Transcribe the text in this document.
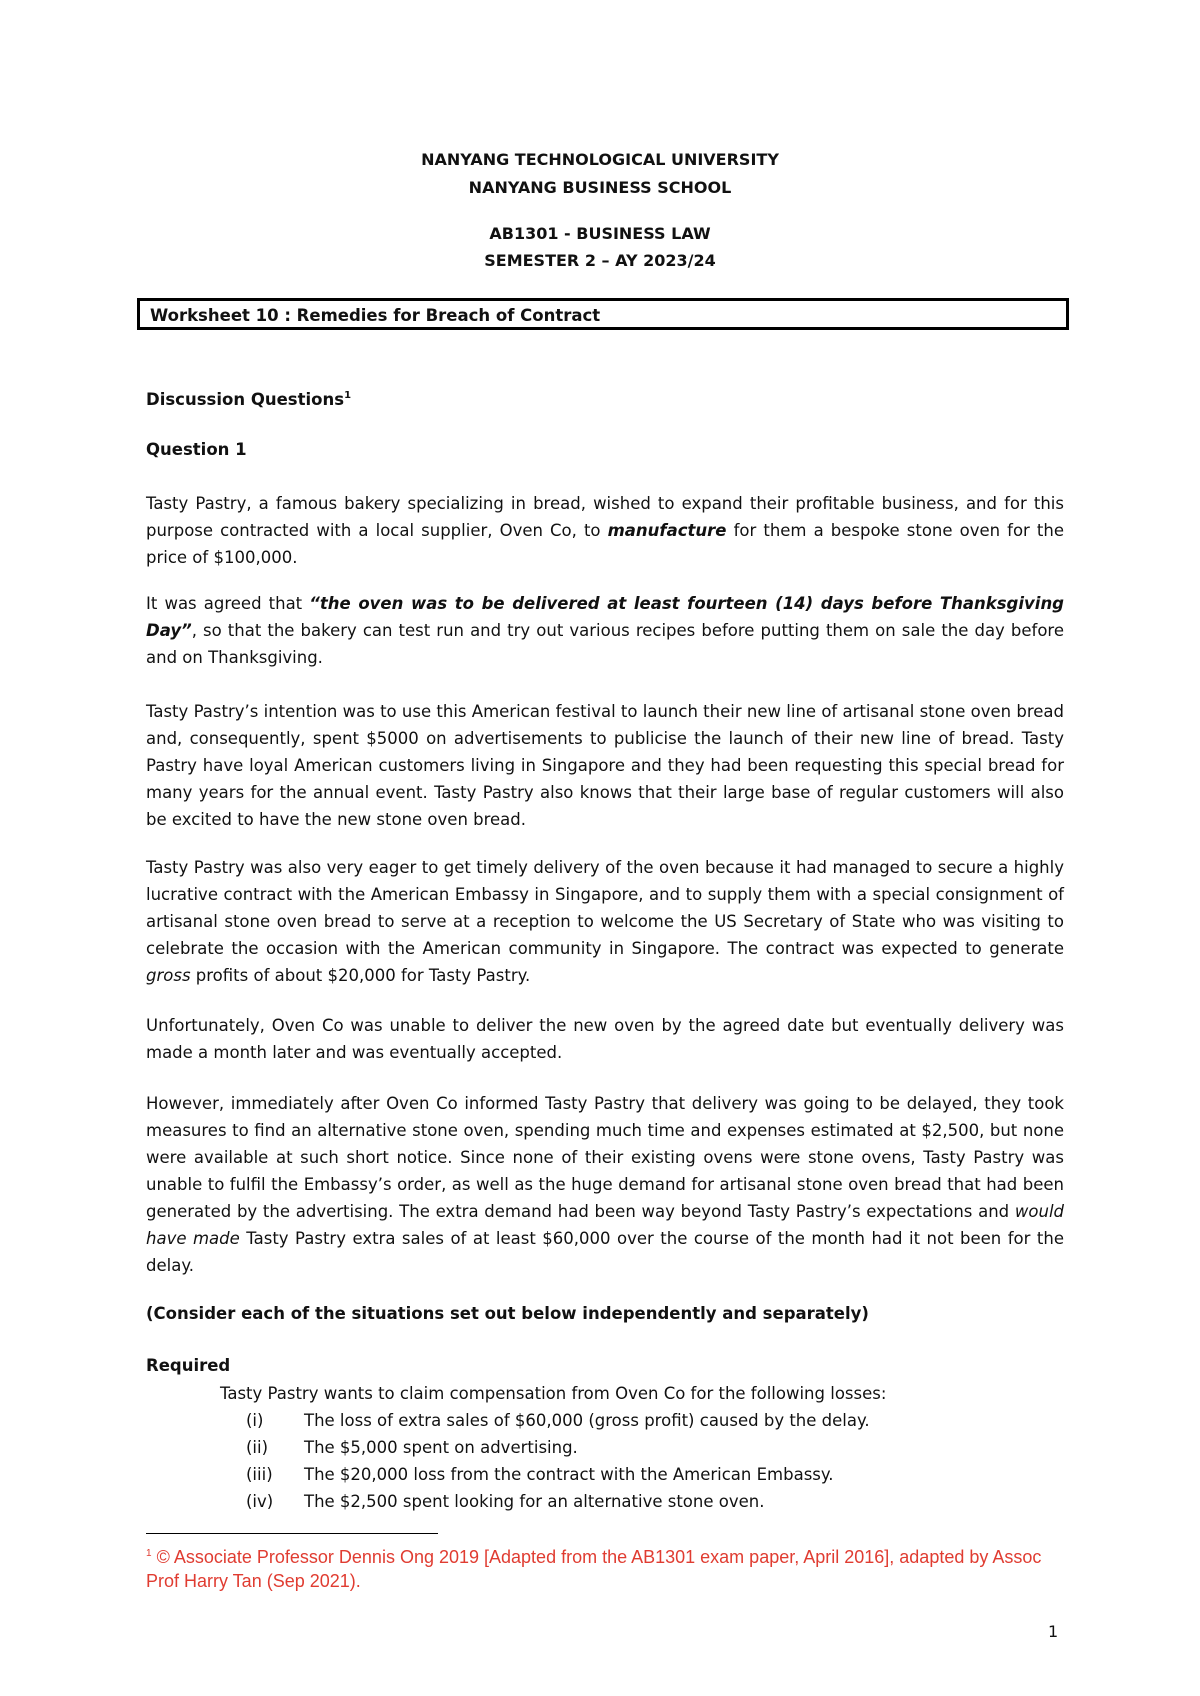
NANYANG TECHNOLOGICAL UNIVERSITY
NANYANG BUSINESS SCHOOL
AB1301 - BUSINESS LAW
SEMESTER 2 – AY 2023/24
Worksheet 10 : Remedies for Breach of Contract
Discussion Questions$^1$
Question 1
Tasty Pastry, a famous bakery specializing in bread, wished to expand their profitable business, and for this purpose contracted with a local supplier, Oven Co, to manufacture for them a bespoke stone oven for the price of $100,000.
It was agreed that “the oven was to be delivered at least fourteen (14) days before Thanksgiving Day”, so that the bakery can test run and try out various recipes before putting them on sale the day before and on Thanksgiving.
Tasty Pastry’s intention was to use this American festival to launch their new line of artisanal stone oven bread and, consequently, spent $5000 on advertisements to publicise the launch of their new line of bread. Tasty Pastry have loyal American customers living in Singapore and they had been requesting this special bread for many years for the annual event. Tasty Pastry also knows that their large base of regular customers will also be excited to have the new stone oven bread.
Tasty Pastry was also very eager to get timely delivery of the oven because it had managed to secure a highly lucrative contract with the American Embassy in Singapore, and to supply them with a special consignment of artisanal stone oven bread to serve at a reception to welcome the US Secretary of State who was visiting to celebrate the occasion with the American community in Singapore. The contract was expected to generate gross profits of about $20,000 for Tasty Pastry.
Unfortunately, Oven Co was unable to deliver the new oven by the agreed date but eventually delivery was made a month later and was eventually accepted.
However, immediately after Oven Co informed Tasty Pastry that delivery was going to be delayed, they took measures to find an alternative stone oven, spending much time and expenses estimated at $2,500, but none were available at such short notice. Since none of their existing ovens were stone ovens, Tasty Pastry was unable to fulfil the Embassy’s order, as well as the huge demand for artisanal stone oven bread that had been generated by the advertising. The extra demand had been way beyond Tasty Pastry’s expectations and would have made Tasty Pastry extra sales of at least $60,000 over the course of the month had it not been for the delay.
(Consider each of the situations set out below independently and separately)
Required
Tasty Pastry wants to claim compensation from Oven Co for the following losses:
(i) The loss of extra sales of $60,000 (gross profit) caused by the delay.
(ii) The $5,000 spent on advertising.
(iii) The $20,000 loss from the contract with the American Embassy.
(iv) The $2,500 spent looking for an alternative stone oven.
$^1$ © Associate Professor Dennis Ong 2019 [Adapted from the AB1301 exam paper, April 2016], adapted by Assoc Prof Harry Tan (Sep 2021).
1
